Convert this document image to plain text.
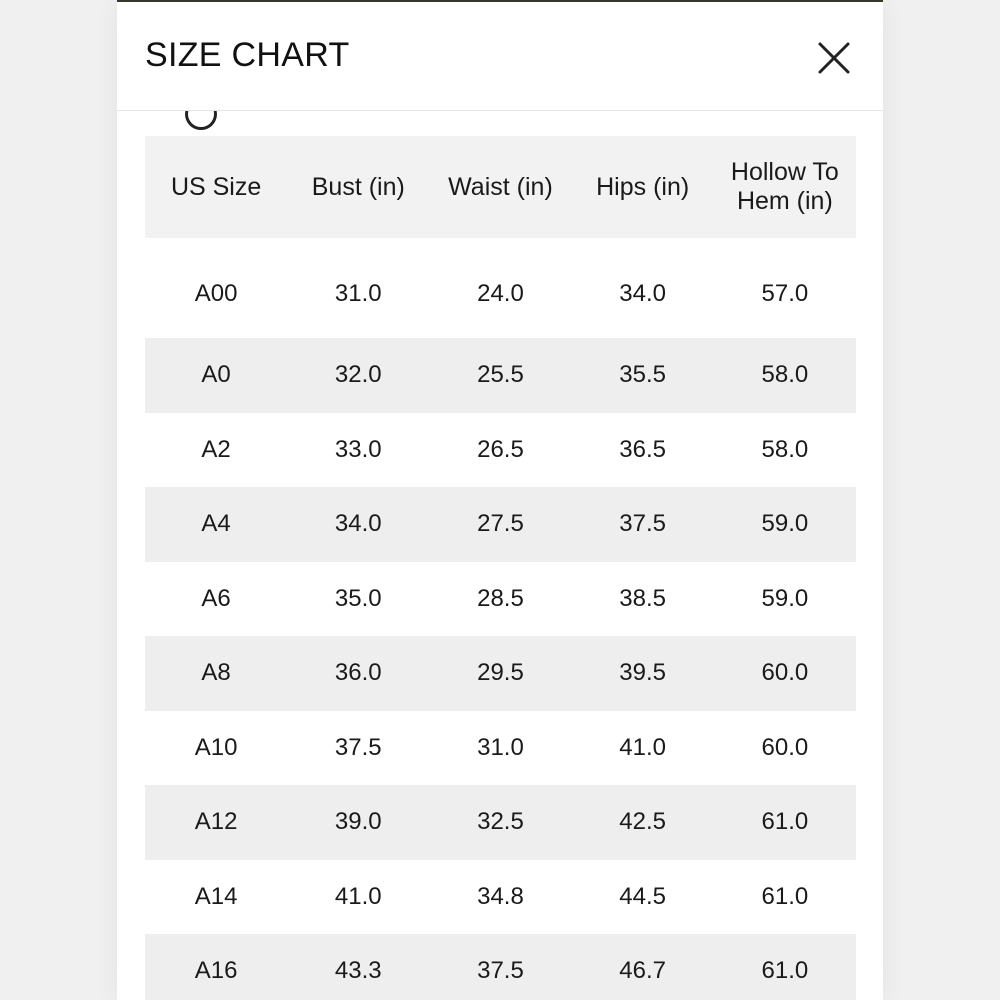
SIZE CHART
US Size	Bust (in)	Waist (in)	Hips (in)	Hollow To Hem (in)
A00	31.0	24.0	34.0	57.0
A0	32.0	25.5	35.5	58.0
A2	33.0	26.5	36.5	58.0
A4	34.0	27.5	37.5	59.0
A6	35.0	28.5	38.5	59.0
A8	36.0	29.5	39.5	60.0
A10	37.5	31.0	41.0	60.0
A12	39.0	32.5	42.5	61.0
A14	41.0	34.8	44.5	61.0
A16	43.3	37.5	46.7	61.0
